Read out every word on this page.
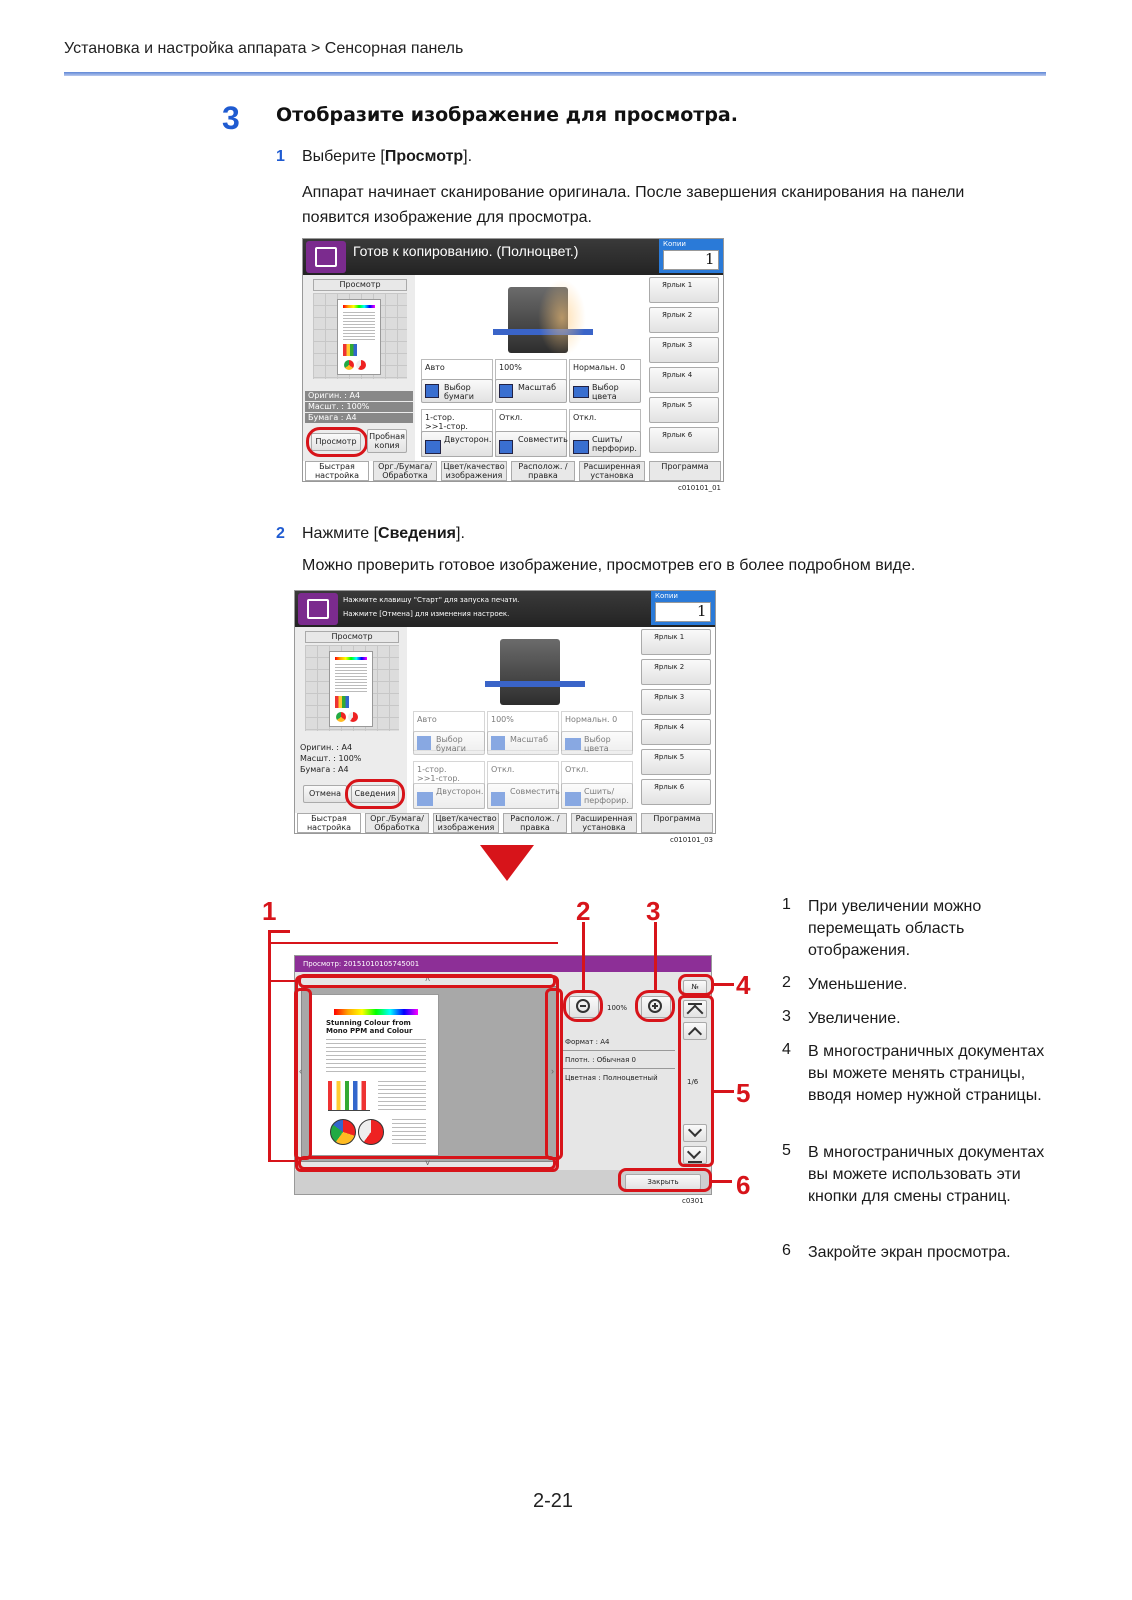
Установка и настройка аппарата > Сенсорная панель
3 Отобразите изображение для просмотра.
1 Выберите [Просмотр].
Аппарат начинает сканирование оригинала. После завершения сканирования на панели появится изображение для просмотра.
Готов к копированию. (Полноцвет.)	Копии
1
Просмотр
Оригин. : A4
Масшт. : 100%
Бумага : A4
Просмотр
Пробная копия
Авто	100%	Нормальн. 0
Выбор бумаги
Масштаб	Выбор цвета
1-стор. >>1-стор.
Откл.	Откл.
Двусторон.	Совместить	Сшить/ перфорир.
Ярлык 1
Ярлык 2
Ярлык 3
Ярлык 4
Ярлык 5
Ярлык 6
Быстрая настройка
Орг./Бумага/ Обработка
Цвет/качество изображения
Располож. /правка
Расширенная установка
Программа
c010101_01
2 Нажмите [Сведения].
Можно проверить готовое изображение, просмотрев его в более подробном виде.
Нажмите клавишу "Старт" для запуска печати.
Нажмите [Отмена] для изменения настроек.
Копии
1
Просмотр
Оригин. : A4
Масшт. : 100%
Бумага : A4
Отмена	Сведения
Авто	100%	Нормальн. 0
Выбор бумаги
Масштаб	Выбор цвета
1-стор. >>1-стор.
Откл.	Откл.
Двусторон.	Совместить	Сшить/ перфорир.
Ярлык 1
Ярлык 2
Ярлык 3
Ярлык 4
Ярлык 5
Ярлык 6
Быстрая настройка
Орг./Бумага/ Обработка
Цвет/качество изображения
Располож. /правка
Расширенная установка
Программа
c010101_03
Просмотр: 20151010105745001
Stunning Colour from Mono PPM and Colour
‹	›
˄
˅
100%
Формат : A4
Плотн. : Обычная 0
Цветная : Полноцветный
№
1/6
Закрыть
c0301
1	2 3
4
5
6
1 При увеличении можно перемещать область отображения.
2 Уменьшение.
3 Увеличение.
4 В многостраничных документах вы можете менять страницы, вводя номер нужной страницы.
5 В многостраничных документах вы можете использовать эти кнопки для смены страниц.
6 Закройте экран просмотра.
2-21
